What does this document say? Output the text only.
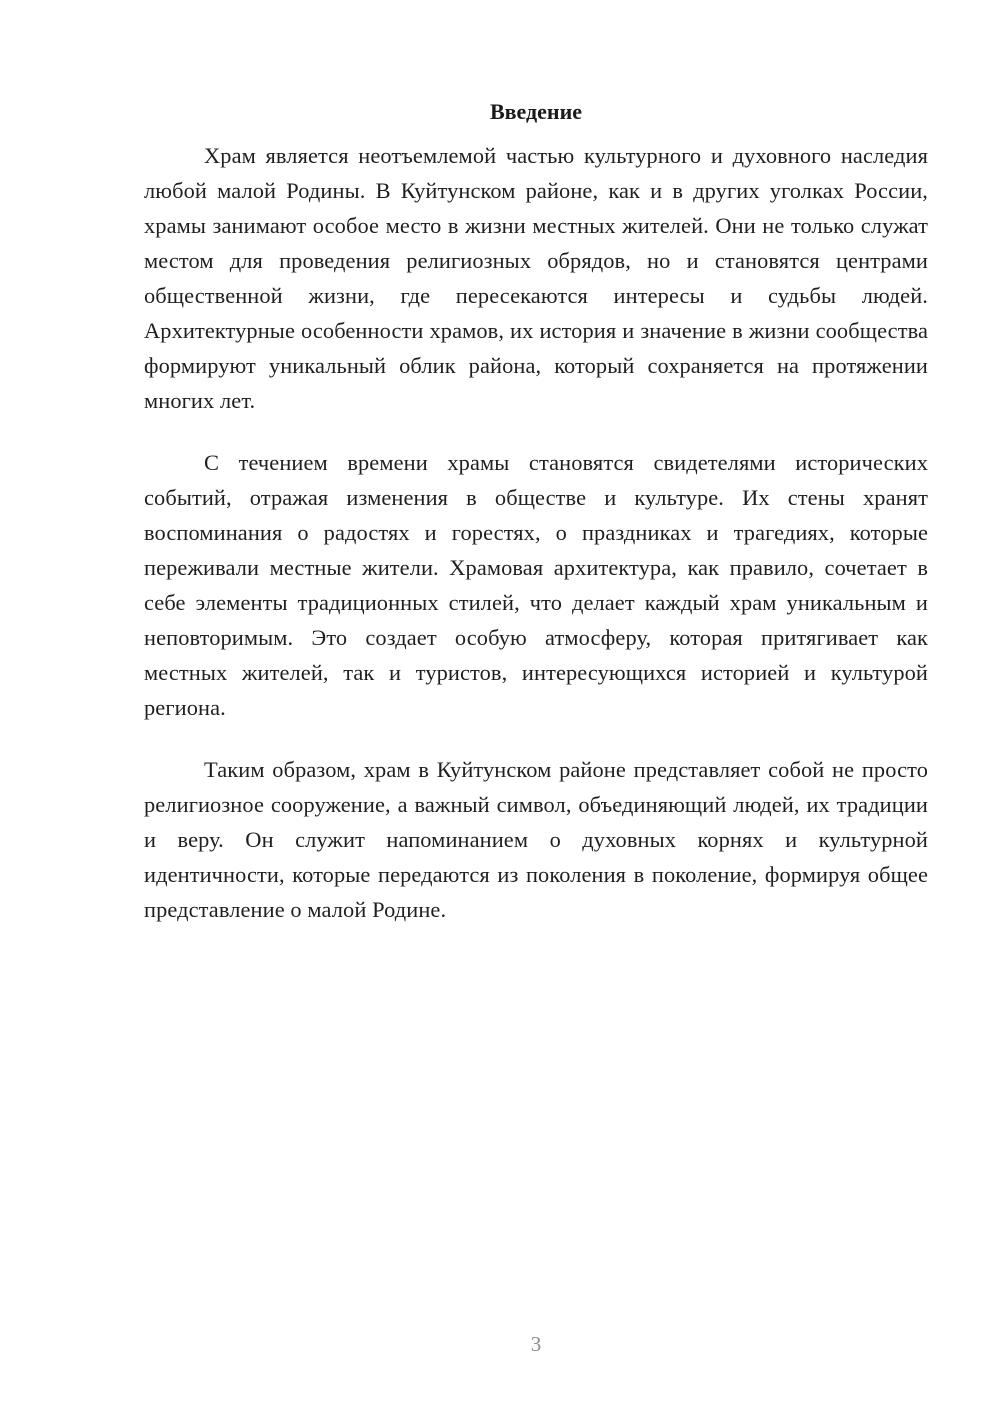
Введение

Храм является неотъемлемой частью культурного и духовного наследия любой малой Родины. В Куйтунском районе, как и в других уголках России, храмы занимают особое место в жизни местных жителей. Они не только служат местом для проведения религиозных обрядов, но и становятся центрами общественной жизни, где пересекаются интересы и судьбы людей. Архитектурные особенности храмов, их история и значение в жизни сообщества формируют уникальный облик района, который сохраняется на протяжении многих лет.

С течением времени храмы становятся свидетелями исторических событий, отражая изменения в обществе и культуре. Их стены хранят воспоминания о радостях и горестях, о праздниках и трагедиях, которые переживали местные жители. Храмовая архитектура, как правило, сочетает в себе элементы традиционных стилей, что делает каждый храм уникальным и неповторимым. Это создает особую атмосферу, которая притягивает как местных жителей, так и туристов, интересующихся историей и культурой региона.

Таким образом, храм в Куйтунском районе представляет собой не просто религиозное сооружение, а важный символ, объединяющий людей, их традиции и веру. Он служит напоминанием о духовных корнях и культурной идентичности, которые передаются из поколения в поколение, формируя общее представление о малой Родине.

3
